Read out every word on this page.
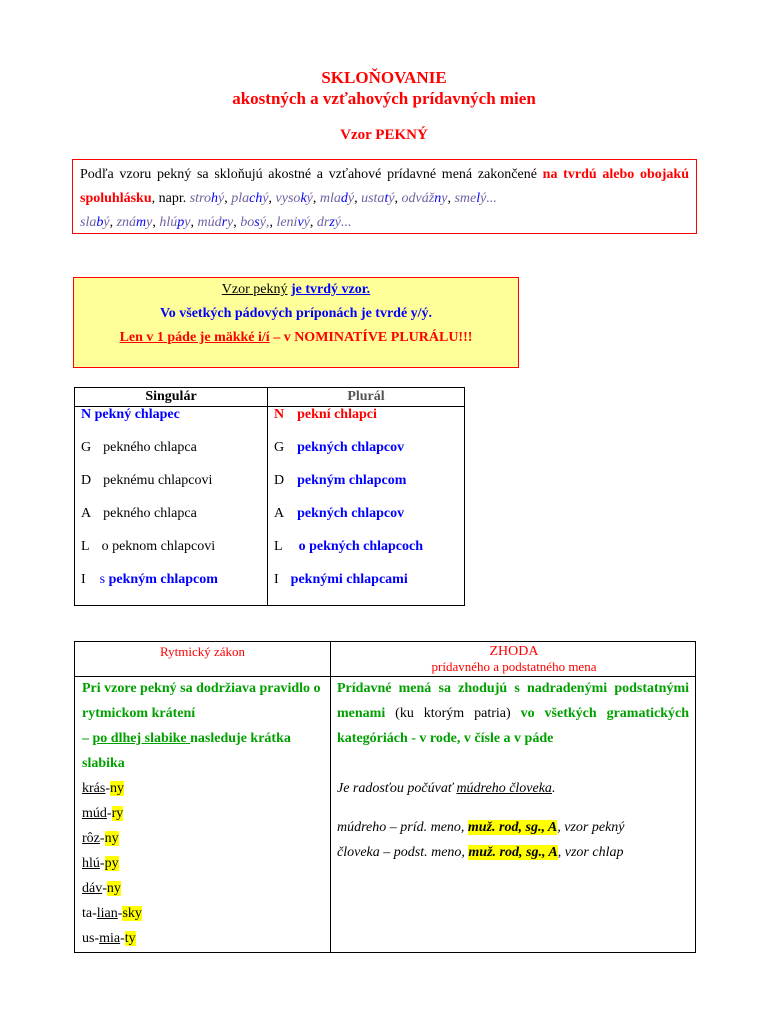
SKLOŇOVANIE
akostných a vzťahových prídavných mien
Vzor PEKNÝ
Podľa vzoru pekný sa skloňujú akostné a vzťahové prídavné mená zakončené na tvrdú alebo obojakú spoluhlásku, napr. strohý, plachý, vysoký, mladý, ustatý, odvážny, smelý...
slabý, známy, hlúpy, múdry, bosý,, lenivý, drzý...
Vzor pekný je tvrdý vzor.
Vo všetkých pádových príponách je tvrdé y/ý.
Len v 1 páde je mäkké i/í – v NOMINATÍVE PLURÁLU!!!
Singulár
N pekný chlapec
G pekného chlapca
D peknému chlapcovi
A pekného chlapca
L o peknom chlapcovi
I    s pekným chlapcom
Plurál
N pekní chlapci
G pekných chlapcov
D pekným chlapcom
A pekných chlapcov
L o pekných chlapcoch
I peknými chlapcami
Rytmický zákon	ZHODA
prídavného a podstatného mena
Pri vzore pekný sa dodržiava pravidlo o rytmickom krátení
– po dlhej slabike nasleduje krátka slabika
krás-ny
múd-ry
rôz-ny
hlú-py
dáv-ny
ta-lian-sky
us-mia-ty
Prídavné mená sa zhodujú s nadradenými podstatnými menami (ku ktorým patria) vo všetkých gramatických kategóriách - v rode, v čísle a v páde
Je radosťou počúvať múdreho človeka.
múdreho – príd. meno, muž. rod, sg., A, vzor pekný
človeka – podst. meno, muž. rod, sg., A, vzor chlap
